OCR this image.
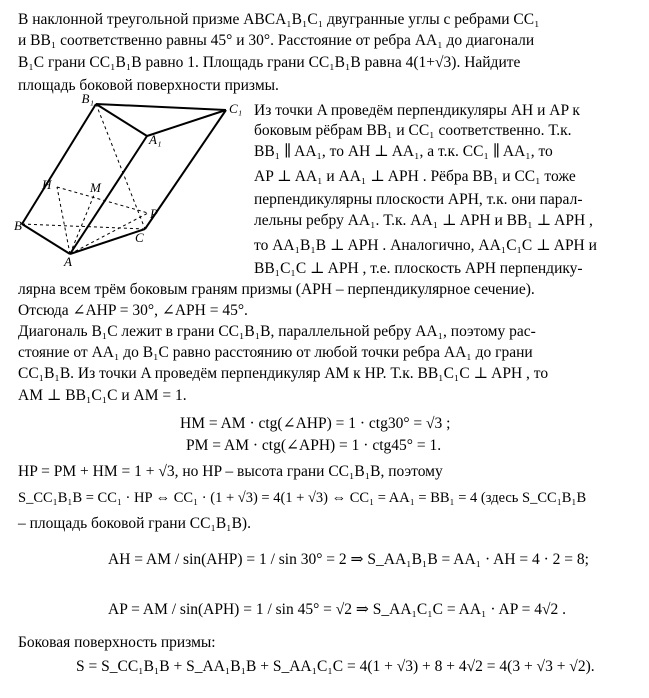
В наклонной треугольной призме ABCA₁B₁C₁ двугранные углы с ребрами CC₁
и BB₁ соответственно равны 45° и 30°. Расстояние от ребра AA₁ до диагонали
B₁C грани CC₁B₁B равно 1. Площадь грани CC₁B₁B равна 4(1+√3). Найдите
площадь боковой поверхности призмы.
B₁
C₁
A₁
H	M
B
P
C
A
Из точки A проведём перпендикуляры AH и AP к
боковым рёбрам BB₁ и CC₁ соответственно. Т.к.
BB₁ ∥ AA₁, то AH ⊥ AA₁, а т.к. CC₁ ∥ AA₁, то
AP ⊥ AA₁ и AA₁ ⊥ APH . Рёбра BB₁ и CC₁ тоже
перпендикулярны плоскости APH, т.к. они парал-
лельны ребру AA₁. Т.к. AA₁ ⊥ APH и BB₁ ⊥ APH ,
то AA₁B₁B ⊥ APH . Аналогично, AA₁C₁C ⊥ APH и
BB₁C₁C ⊥ APH , т.е. плоскость APH перпендику-
лярна всем трём боковым граням призмы (APH – перпендикулярное сечение).
Отсюда ∠AHP = 30°, ∠APH = 45°.
Диагональ B₁C лежит в грани CC₁B₁B, параллельной ребру AA₁, поэтому рас-
стояние от AA₁ до B₁C равно расстоянию от любой точки ребра AA₁ до грани
CC₁B₁B. Из точки A проведём перпендикуляр AM к HP. Т.к. BB₁C₁C ⊥ APH , то
AM ⊥ BB₁C₁C и AM = 1.
HM = AM · ctg(∠AHP) = 1 · ctg30° = √3 ;
PM = AM · ctg(∠APH) = 1 · ctg45° = 1.
HP = PM + HM = 1 + √3, но HP – высота грани CC₁B₁B, поэтому
S_CC₁B₁B = CC₁ · HP ⇔ CC₁ · (1 + √3) = 4(1 + √3) ⇔ CC₁ = AA₁ = BB₁ = 4 (здесь S_CC₁B₁B
– площадь боковой грани CC₁B₁B).
AH = AM / sin(AHP) = 1 / sin 30° = 2 ⇒ S_AA₁B₁B = AA₁ · AH = 4 · 2 = 8;
AP = AM / sin(APH) = 1 / sin 45° = √2 ⇒ S_AA₁C₁C = AA₁ · AP = 4√2 .
Боковая поверхность призмы:
S = S_CC₁B₁B + S_AA₁B₁B + S_AA₁C₁C = 4(1 + √3) + 8 + 4√2 = 4(3 + √3 + √2).
